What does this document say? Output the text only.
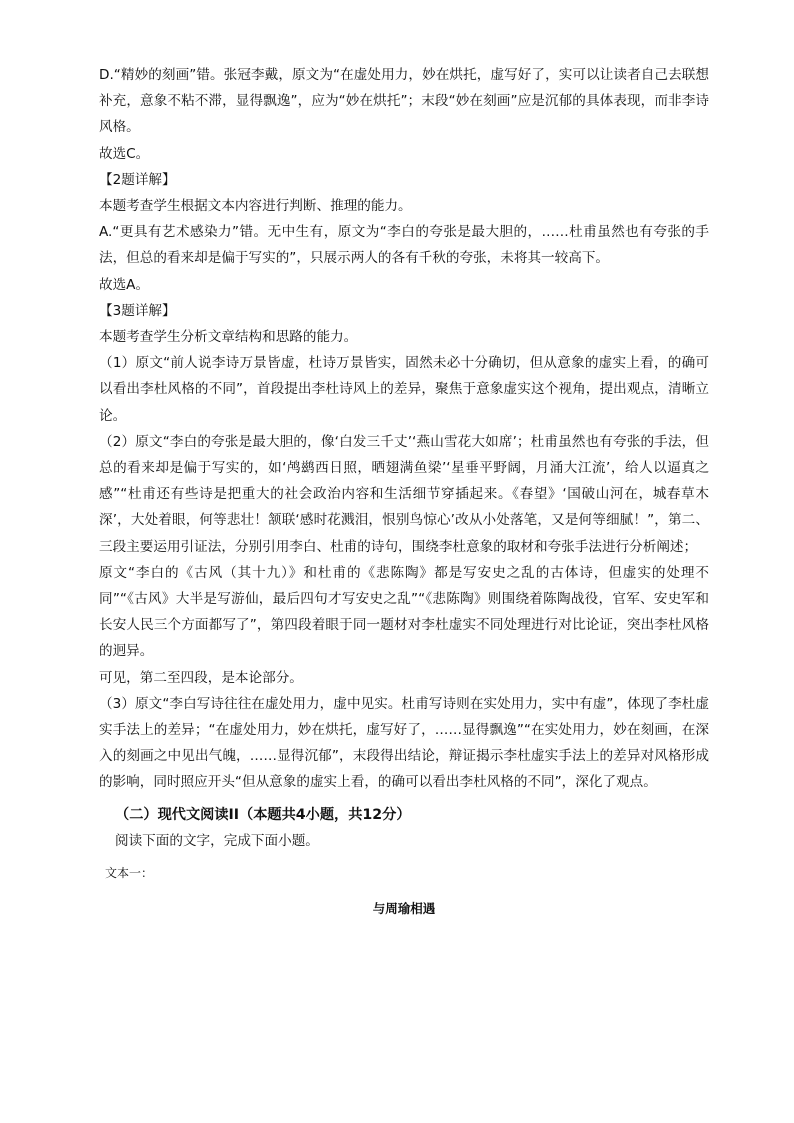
D.“精妙的刻画”错。张冠李戴，原文为“在虚处用力，妙在烘托，虚写好了，实可以让读者自己去联想补充，意象不粘不滞，显得飘逸”，应为“妙在烘托”；末段“妙在刻画”应是沉郁的具体表现，而非李诗风格。

故选C。

【2题详解】

本题考查学生根据文本内容进行判断、推理的能力。

A.“更具有艺术感染力”错。无中生有，原文为“李白的夸张是最大胆的，……杜甫虽然也有夸张的手法，但总的看来却是偏于写实的”，只展示两人的各有千秋的夸张，未将其一较高下。

故选A。

【3题详解】

本题考查学生分析文章结构和思路的能力。

（1）原文“前人说李诗万景皆虚，杜诗万景皆实，固然未必十分确切，但从意象的虚实上看，的确可以看出李杜风格的不同”，首段提出李杜诗风上的差异，聚焦于意象虚实这个视角，提出观点，清晰立论。

（2）原文“李白的夸张是最大胆的，像‘白发三千丈’‘燕山雪花大如席’；杜甫虽然也有夸张的手法，但总的看来却是偏于写实的，如‘鸬鹚西日照，晒翅满鱼梁’‘星垂平野阔，月涌大江流’，给人以逼真之感”“杜甫还有些诗是把重大的社会政治内容和生活细节穿插起来。《春望》‘国破山河在，城春草木深’，大处着眼，何等悲壮！颔联‘感时花溅泪，恨别鸟惊心’改从小处落笔，又是何等细腻！”，第二、三段主要运用引证法，分别引用李白、杜甫的诗句，围绕李杜意象的取材和夸张手法进行分析阐述；

原文“李白的《古风（其十九）》和杜甫的《悲陈陶》都是写安史之乱的古体诗，但虚实的处理不同”“《古风》大半是写游仙，最后四句才写安史之乱”“《悲陈陶》则围绕着陈陶战役，官军、安史军和长安人民三个方面都写了”，第四段着眼于同一题材对李杜虚实不同处理进行对比论证，突出李杜风格的迥异。

可见，第二至四段，是本论部分。

（3）原文“李白写诗往往在虚处用力，虚中见实。杜甫写诗则在实处用力，实中有虚”，体现了李杜虚实手法上的差异；“在虚处用力，妙在烘托，虚写好了，……显得飘逸”“在实处用力，妙在刻画，在深入的刻画之中见出气魄，……显得沉郁”，末段得出结论，辩证揭示李杜虚实手法上的差异对风格形成的影响，同时照应开头“但从意象的虚实上看，的确可以看出李杜风格的不同”，深化了观点。

（二）现代文阅读II（本题共4小题，共12分）

阅读下面的文字，完成下面小题。

文本一：

与周瑜相遇
